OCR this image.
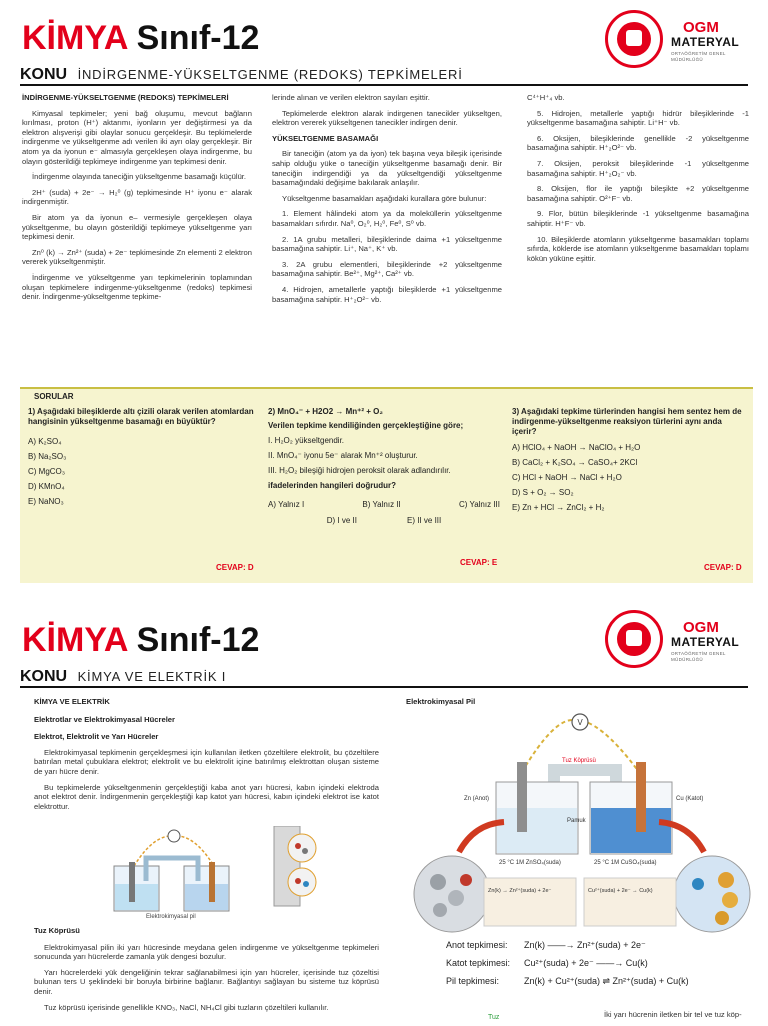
KİMYA Sınıf-12	OGM
MATERYAL
ORTAÖĞRETİM GENEL MÜDÜRLÜĞÜ
KONU İNDİRGENME-YÜKSELTGENME (REDOKS) TEPKİMELERİ

İNDİRGENME-YÜKSELTGENME (REDOKS) TEPKİMELERİ

Kimyasal tepkimeler; yeni bağ oluşumu, mevcut bağların kırılması, proton (H⁺) aktarımı, iyonların yer değiştirmesi ya da elektron alışverişi gibi olaylar sonucu gerçekleşir. Bu tepkimelerde indirgenme ve yükseltgenme adı verilen iki ayrı olay gerçekleşir. Bir atom ya da iyonun e⁻ almasıyla gerçekleşen olaya indirgenme, bu olayın gösterildiği tepkimeye indirgenme yarı tepkimesi denir.

İndirgenme olayında taneciğin yükseltgenme basamağı küçülür.

2H⁺ (suda) + 2e⁻ → H₂⁰ (g) tepkimesinde H⁺ iyonu e⁻ alarak indirgenmiştir.

Bir atom ya da iyonun e– vermesiyle gerçekleşen olaya yükseltgenme, bu olayın gösterildiği tepkimeye yükseltgenme yarı tepkimesi denir.

Zn⁰ (k) → Zn²⁺ (suda) + 2e⁻ tepkimesinde Zn elementi 2 elektron vererek yükseltgenmiştir.

İndirgenme ve yükseltgenme yarı tepkimelerinin toplamından oluşan tepkimelere indirgenme-yükseltgenme (redoks) tepkimesi denir. İndirgenme-yükseltgenme tepkime-

lerinde alınan ve verilen elektron sayıları eşittir.

Tepkimelerde elektron alarak indirgenen tanecikler yükseltgen, elektron vererek yükseltgenen tanecikler indirgen denir.

YÜKSELTGENME BASAMAĞI

Bir taneciğin (atom ya da iyon) tek başına veya bileşik içerisinde sahip olduğu yüke o taneciğin yükseltgenme basamağı denir. Bir taneciğin indirgendiği ya da yükseltgendiği yükseltgenme basamağındaki değişime bakılarak anlaşılır.

Yükseltgenme basamakları aşağıdaki kurallara göre bulunur:

1. Element hâlindeki atom ya da moleküllerin yükseltgenme basamakları sıfırdır. Na⁰, O₂⁰, H₂⁰, Fe⁰, S⁰ vb.

2. 1A grubu metalleri, bileşiklerinde daima +1 yükseltgenme basamağına sahiptir. Li⁺, Na⁺, K⁺ vb.

3. 2A grubu elementleri, bileşiklerinde +2 yükseltgenme basamağına sahiptir. Be²⁺, Mg²⁺, Ca²⁺ vb.

4. Hidrojen, ametallerle yaptığı bileşiklerde +1 yükseltgenme basamağına sahiptir. H⁺₂O²⁻ vb.

C⁴⁺H⁺₄ vb.

5. Hidrojen, metallerle yaptığı hidrür bileşiklerinde -1 yükseltgenme basamağına sahiptir. Li⁺H⁻ vb.

6. Oksijen, bileşiklerinde genellikle -2 yükseltgenme basamağına sahiptir. H⁺₂O²⁻ vb.

7. Oksijen, peroksit bileşiklerinde -1 yükseltgenme basamağına sahiptir. H⁺₂O₂⁻ vb.

8. Oksijen, flor ile yaptığı bileşikte +2 yükseltgenme basamağına sahiptir. O²⁺F⁻ vb.

9. Flor, bütün bileşiklerinde -1 yükseltgenme basamağına sahiptir. H⁺F⁻ vb.

10. Bileşiklerde atomların yükseltgenme basamakları toplamı sıfırda, köklerde ise atomların yükseltgenme basamakları toplamı kökün yüküne eşittir.

SORULAR
1) Aşağıdaki bileşiklerde altı çizili olarak verilen atomlardan hangisinin yükseltgenme basamağı en büyüktür?
A) K₂SO₄
B) Na₂SO₃
C) MgCO₃
D) KMnO₄
E) NaNO₃
CEVAP: D
2) MnO₄⁻ + H2O2 → Mn⁺² + O₂
Verilen tepkime kendiliğinden gerçekleştiğine göre;
I. H₂O₂ yükseltgendir.
II. MnO₄⁻ iyonu 5e⁻ alarak Mn⁺² oluşturur.
III. H₂O₂ bileşiği hidrojen peroksit olarak adlandırılır.
ifadelerinden hangileri doğrudur?
A) Yalnız I	B) Yalnız II	C) Yalnız III
D) I ve II	E) II ve III
CEVAP: E
3) Aşağıdaki tepkime türlerinden hangisi hem sentez hem de indirgenme-yükseltgenme reaksiyon türlerini aynı anda içerir?
A) HClO₄ + NaOH → NaClO₄ + H₂O
B) CaCl₂ + K₂SO₄ → CaSO₄+ 2KCl
C) HCl + NaOH → NaCl + H₂O
D) S + O₂ → SO₂
E) Zn + HCl → ZnCl₂ + H₂
CEVAP: D
KİMYA Sınıf-12	OGM
MATERYAL
ORTAÖĞRETİM GENEL MÜDÜRLÜĞÜ
KONU KİMYA VE ELEKTRİK I

KİMYA VE ELEKTRİK

Elektrotlar ve Elektrokimyasal Hücreler

Elektrot, Elektrolit ve Yarı Hücreler

Elektrokimyasal tepkimenin gerçekleşmesi için kullanılan iletken çözeltilere elektrolit, bu çözeltilere batırılan metal çubuklara elektrot; elektrolit ve bu elektrolit içine batırılmış elektrottan oluşan sisteme de yarı hücre denir.

Bu tepkimelerde yükseltgenmenin gerçekleştiği kaba anot yarı hücresi, kabın içindeki elektroda anot elektrot denir. İndirgenmenin gerçekleştiği kap katot yarı hücresi, kabın içindeki elektrot ise katot elektrottur.

Elektrokimyasal pil

Tuz Köprüsü

Elektrokimyasal pilin iki yarı hücresinde meydana gelen indirgenme ve yükseltgenme tepkimeleri sonucunda yarı hücrelerde zamanla yük dengesi bozulur.

Yarı hücrelerdeki yük dengeliğinin tekrar sağlanabilmesi için yarı hücreler, içerisinde tuz çözeltisi bulunan ters U şeklindeki bir boruyla birbirine bağlanır. Bağlantıyı sağlayan bu sisteme tuz köprüsü denir.

Tuz köprüsü içerisinde genellikle KNO₃, NaCl, NH₄Cl gibi tuzların çözeltileri kullanılır.

Elektrokimyasal Pil
V
Tuz Köprüsü
Zn (Anot)	Cu (Katot)
Pamuk
25 °C 1M ZnSO₄(suda)	25 °C 1M CuSO₄(suda)
Zn(k) → Zn²⁺(suda) + 2e⁻	Cu²⁺(suda) + 2e⁻ → Cu(k)
Anot tepkimesi:	Zn(k) ——→ Zn²⁺(suda) + 2e⁻
Katot tepkimesi:	Cu²⁺(suda) + 2e⁻ ——→ Cu(k)
Pil tepkimesi:	Zn(k) + Cu²⁺(suda) ⇌ Zn²⁺(suda) + Cu(k)
Tuz	İki yarı hücrenin iletken bir tel ve tuz köp-
